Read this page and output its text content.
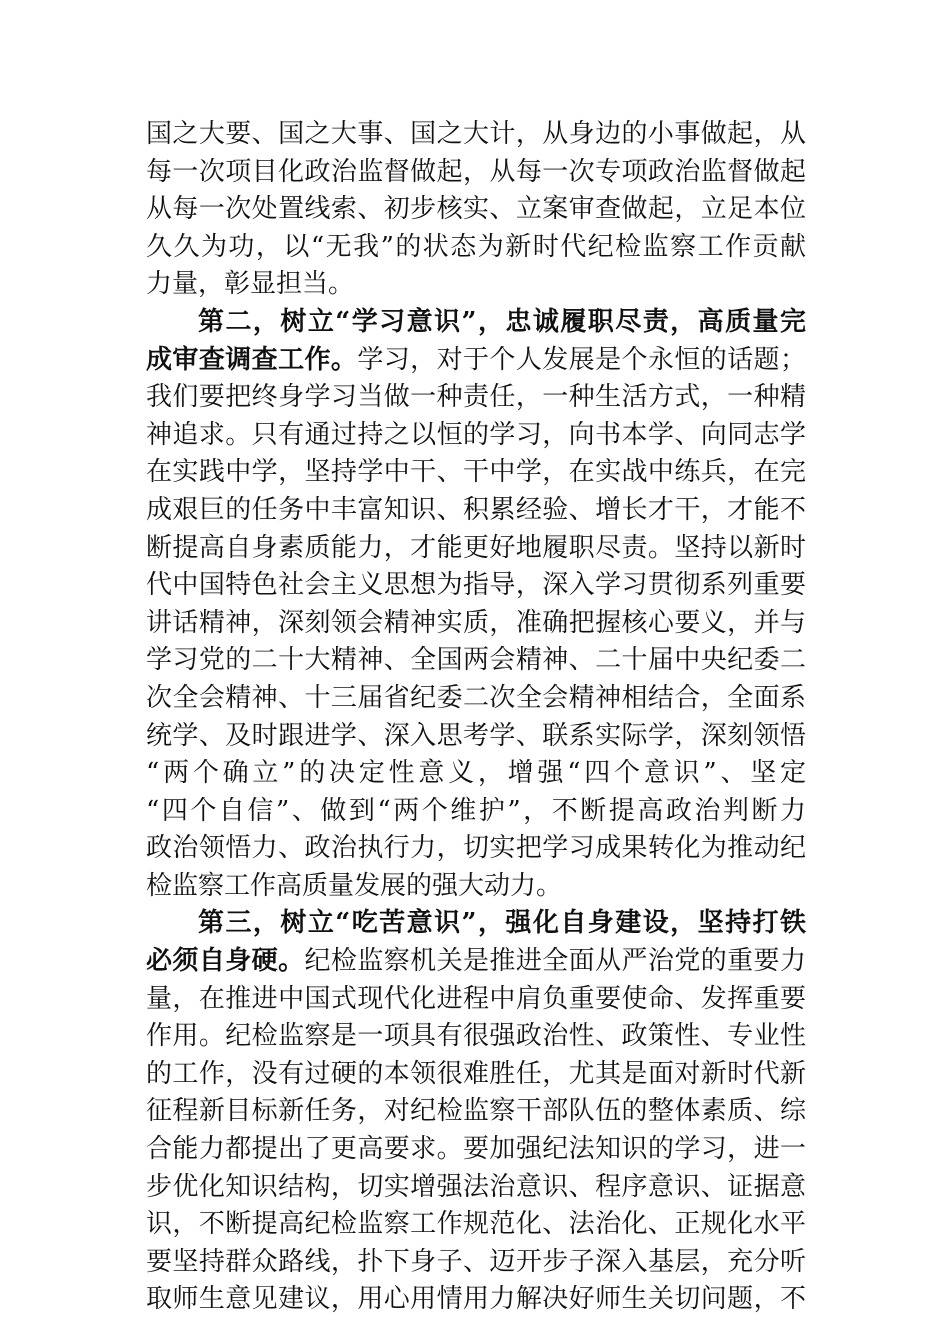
国之大要、国之大事、国之大计，从身边的小事做起，从
每一次项目化政治监督做起，从每一次专项政治监督做起
从每一次处置线索、初步核实、立案审查做起，立足本位
久久为功，以“无我”的状态为新时代纪检监察工作贡献
力量，彰显担当。
第二，树立“学习意识”，忠诚履职尽责，高质量完
成审查调查工作。学习，对于个人发展是个永恒的话题；
我们要把终身学习当做一种责任，一种生活方式，一种精
神追求。只有通过持之以恒的学习，向书本学、向同志学
在实践中学，坚持学中干、干中学，在实战中练兵，在完
成艰巨的任务中丰富知识、积累经验、增长才干，才能不
断提高自身素质能力，才能更好地履职尽责。坚持以新时
代中国特色社会主义思想为指导，深入学习贯彻系列重要
讲话精神，深刻领会精神实质，准确把握核心要义，并与
学习党的二十大精神、全国两会精神、二十届中央纪委二
次全会精神、十三届省纪委二次全会精神相结合，全面系
统学、及时跟进学、深入思考学、联系实际学，深刻领悟
“两个确立”的决定性意义，增强“四个意识”、坚定
“四个自信”、做到“两个维护”，不断提高政治判断力
政治领悟力、政治执行力，切实把学习成果转化为推动纪
检监察工作高质量发展的强大动力。
第三，树立“吃苦意识”，强化自身建设，坚持打铁
必须自身硬。纪检监察机关是推进全面从严治党的重要力
量，在推进中国式现代化进程中肩负重要使命、发挥重要
作用。纪检监察是一项具有很强政治性、政策性、专业性
的工作，没有过硬的本领很难胜任，尤其是面对新时代新
征程新目标新任务，对纪检监察干部队伍的整体素质、综
合能力都提出了更高要求。要加强纪法知识的学习，进一
步优化知识结构，切实增强法治意识、程序意识、证据意
识，不断提高纪检监察工作规范化、法治化、正规化水平
要坚持群众路线，扑下身子、迈开步子深入基层，充分听
取师生意见建议，用心用情用力解决好师生关切问题，不
